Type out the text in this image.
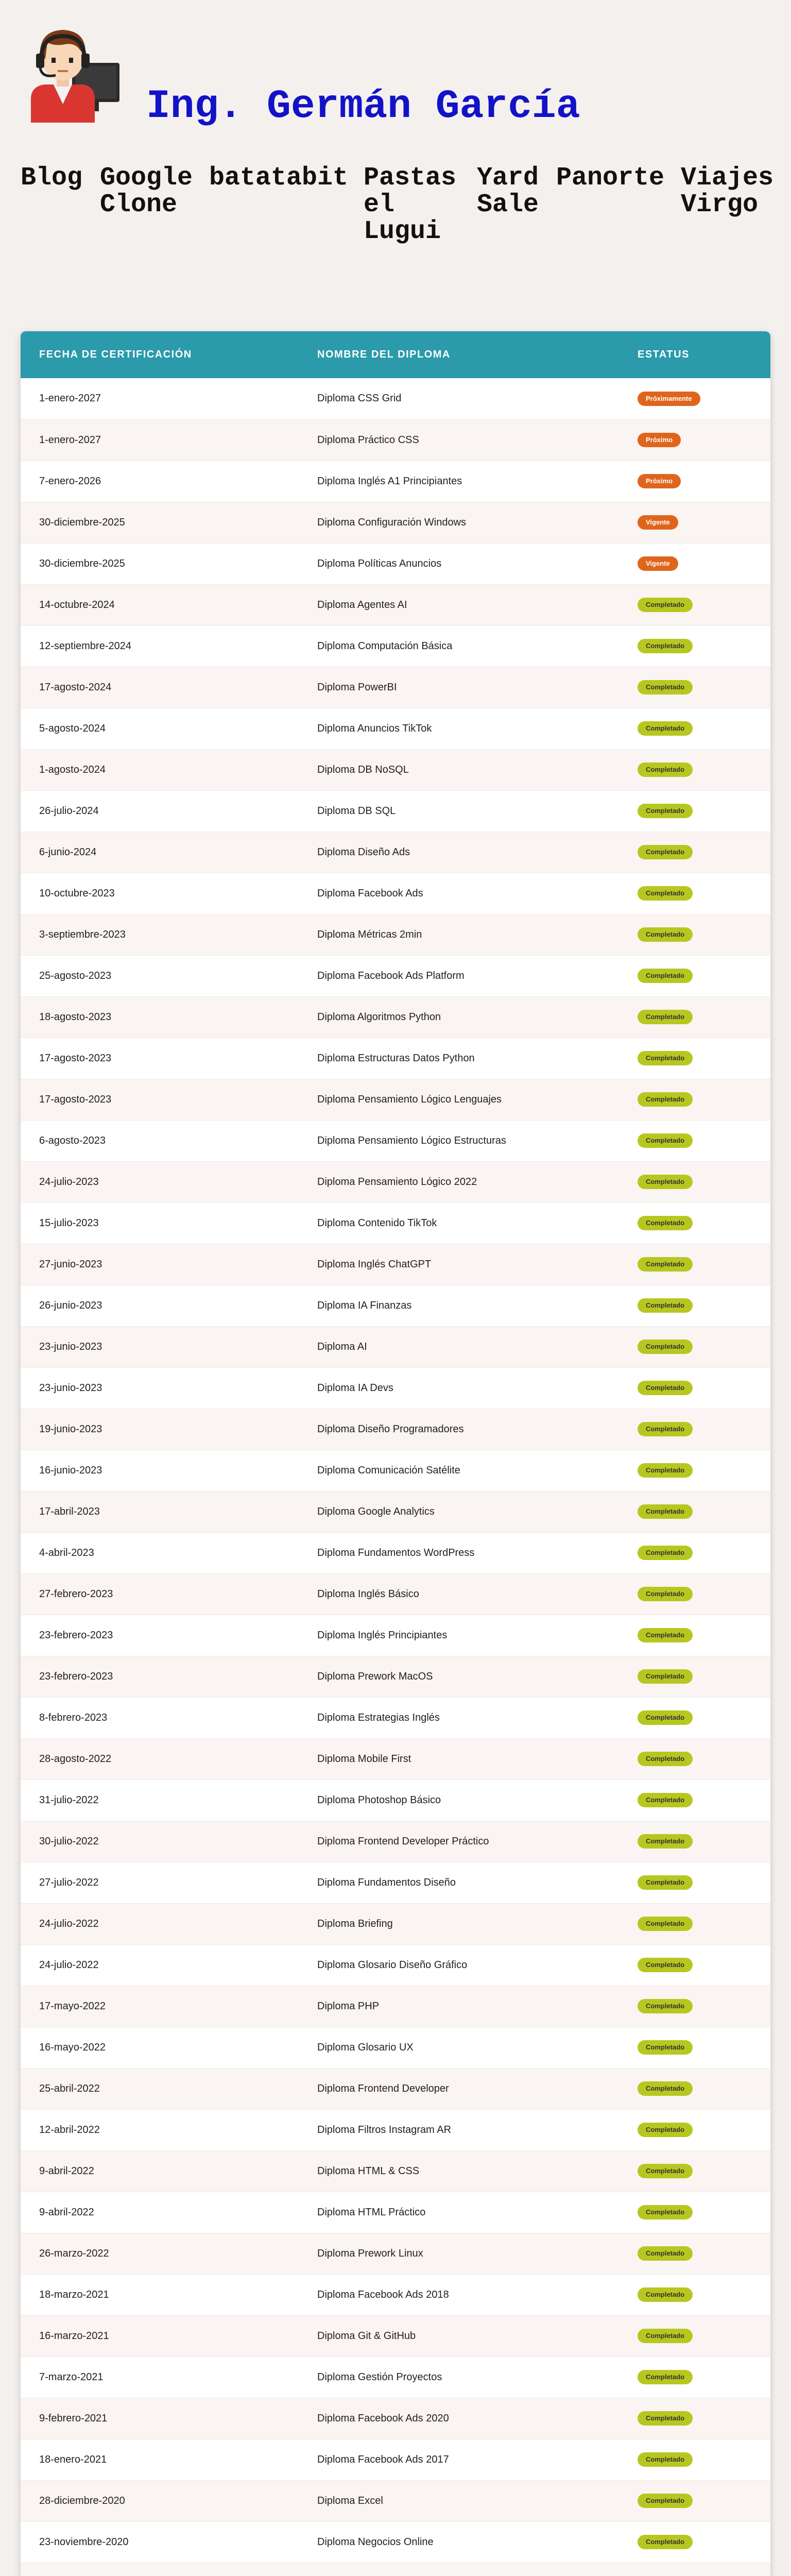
Ing. Germán García
Blog Google
Clone
batatabit Pastas
el
Lugui
Yard
Sale
Panorte Viajes
Virgo
FECHA DE CERTIFICACIÓN	NOMBRE DEL DIPLOMA	ESTATUS
1-enero-2027	Diploma CSS Grid	Próximamente
1-enero-2027	Diploma Práctico CSS	Próximo
7-enero-2026	Diploma Inglés A1 Principiantes	Próximo
30-diciembre-2025	Diploma Configuración Windows	Vigente
30-diciembre-2025	Diploma Políticas Anuncios	Vigente
14-octubre-2024	Diploma Agentes AI	Completado
12-septiembre-2024	Diploma Computación Básica	Completado
17-agosto-2024	Diploma PowerBI	Completado
5-agosto-2024	Diploma Anuncios TikTok	Completado
1-agosto-2024	Diploma DB NoSQL	Completado
26-julio-2024	Diploma DB SQL	Completado
6-junio-2024	Diploma Diseño Ads	Completado
10-octubre-2023	Diploma Facebook Ads	Completado
3-septiembre-2023	Diploma Métricas 2min	Completado
25-agosto-2023	Diploma Facebook Ads Platform	Completado
18-agosto-2023	Diploma Algoritmos Python	Completado
17-agosto-2023	Diploma Estructuras Datos Python	Completado
17-agosto-2023	Diploma Pensamiento Lógico Lenguajes	Completado
6-agosto-2023	Diploma Pensamiento Lógico Estructuras	Completado
24-julio-2023	Diploma Pensamiento Lógico 2022	Completado
15-julio-2023	Diploma Contenido TikTok	Completado
27-junio-2023	Diploma Inglés ChatGPT	Completado
26-junio-2023	Diploma IA Finanzas	Completado
23-junio-2023	Diploma AI	Completado
23-junio-2023	Diploma IA Devs	Completado
19-junio-2023	Diploma Diseño Programadores	Completado
16-junio-2023	Diploma Comunicación Satélite	Completado
17-abril-2023	Diploma Google Analytics	Completado
4-abril-2023	Diploma Fundamentos WordPress	Completado
27-febrero-2023	Diploma Inglés Básico	Completado
23-febrero-2023	Diploma Inglés Principiantes	Completado
23-febrero-2023	Diploma Prework MacOS	Completado
8-febrero-2023	Diploma Estrategias Inglés	Completado
28-agosto-2022	Diploma Mobile First	Completado
31-julio-2022	Diploma Photoshop Básico	Completado
30-julio-2022	Diploma Frontend Developer Práctico	Completado
27-julio-2022	Diploma Fundamentos Diseño	Completado
24-julio-2022	Diploma Briefing	Completado
24-julio-2022	Diploma Glosario Diseño Gráfico	Completado
17-mayo-2022	Diploma PHP	Completado
16-mayo-2022	Diploma Glosario UX	Completado
25-abril-2022	Diploma Frontend Developer	Completado
12-abril-2022	Diploma Filtros Instagram AR	Completado
9-abril-2022	Diploma HTML & CSS	Completado
9-abril-2022	Diploma HTML Práctico	Completado
26-marzo-2022	Diploma Prework Linux	Completado
18-marzo-2021	Diploma Facebook Ads 2018	Completado
16-marzo-2021	Diploma Git & GitHub	Completado
7-marzo-2021	Diploma Gestión Proyectos	Completado
9-febrero-2021	Diploma Facebook Ads 2020	Completado
18-enero-2021	Diploma Facebook Ads 2017	Completado
28-diciembre-2020	Diploma Excel	Completado
23-noviembre-2020	Diploma Negocios Online	Completado
